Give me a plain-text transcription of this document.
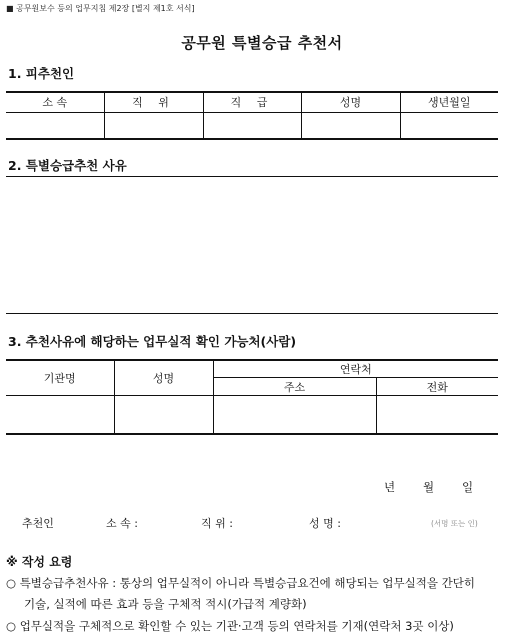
■ 공무원보수 등의 업무지침 제2장 [별지 제1호 서식]
공무원 특별승급 추천서
1. 피추천인
소 속	직 위	직 급	성명	생년월일

2. 특별승급추천 사유
3. 추천사유에 해당하는 업무실적 확인 가능처(사람)
기관명	성명	연락처	
		주소	전화

년 월 일
추천인	소 속 :	직 위 :	성 명 :	(서명 또는 인)
※ 작성 요령
○ 특별승급추천사유 : 통상의 업무실적이 아니라 특별승급요건에 해당되는 업무실적을 간단히
기술, 실적에 따른 효과 등을 구체적 적시(가급적 계량화)
○ 업무실적을 구체적으로 확인할 수 있는 기관·고객 등의 연락처를 기재(연락처 3곳 이상)
